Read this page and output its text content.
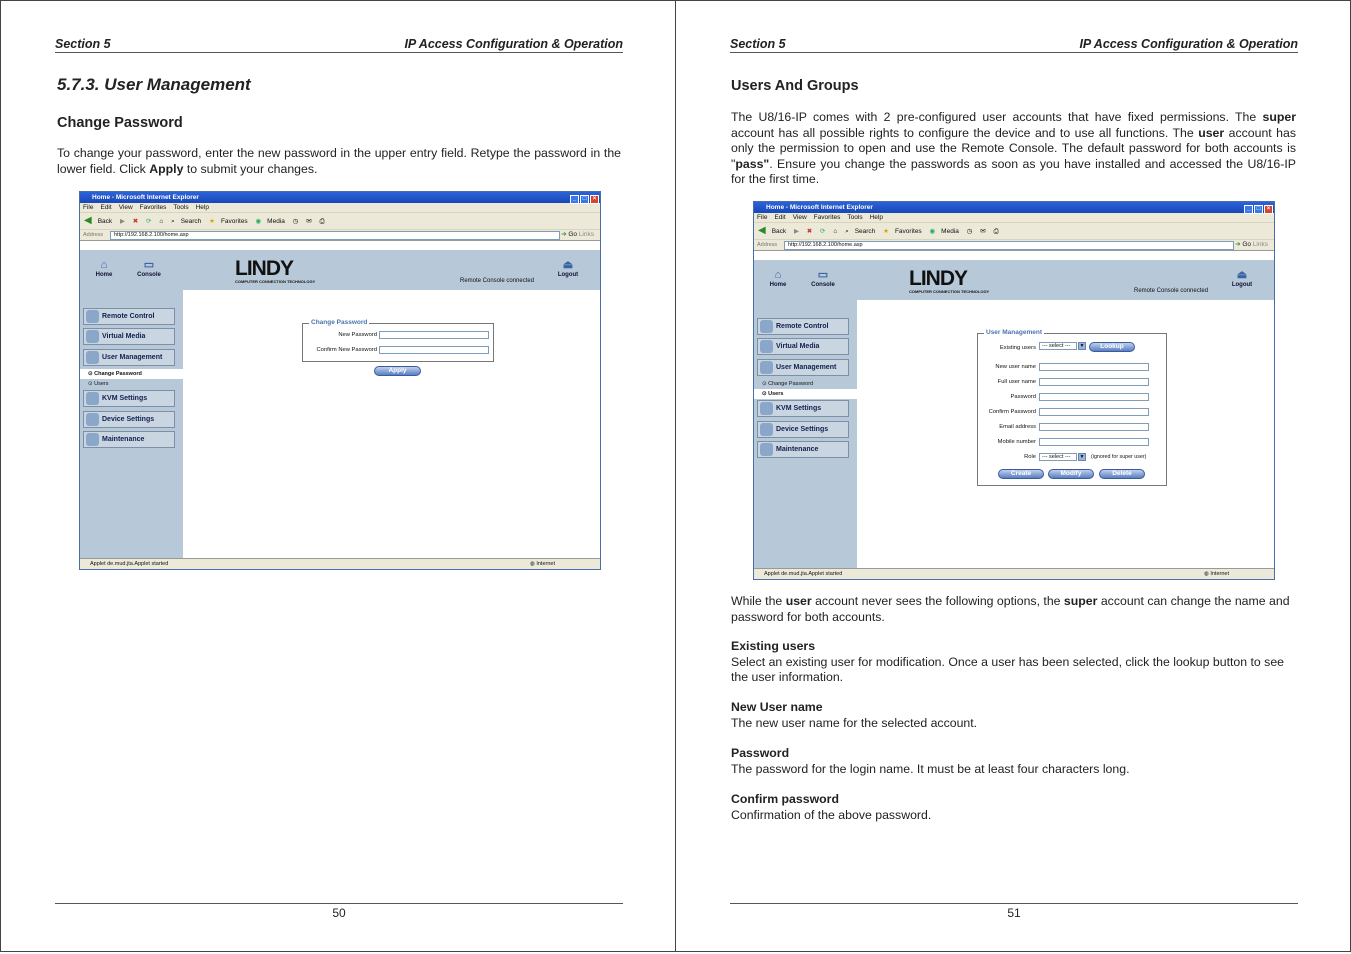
Section 5	IP Access Configuration & Operation
5.7.3. User Management
Change Password

To change your password, enter the new password in the upper entry field. Retype the password in the lower field. Click Apply to submit your changes.

Home - Microsoft Internet Explorer	_ □ ×
File Edit View Favorites Tools Help
◀ Back ▶ ✖ ⟳ ⌂ ⌕ Search ★ Favorites ◉ Media ◷ ✉ ⎙
Address	http://192.168.2.100/home.asp	➔ Go Links
⌂
Home
▭
Console	LINDY
COMPUTER CONNECTION TECHNOLOGY	Remote Console connected
⏏
Logout
Remote Control
Virtual Media
User Management
⊙ Change Password
⊙ Users
KVM Settings
Device Settings
Maintenance
Change Password
New Password
Confirm New Password
Apply
Applet de.mud.jta.Applet started	◍ Internet
50
Section 5	IP Access Configuration & Operation
Users And Groups

The U8/16-IP comes with 2 pre-configured user accounts that have fixed permissions. The super account has all possible rights to configure the device and to use all functions. The user account has only the permission to open and use the Remote Console. The default password for both accounts is "pass". Ensure you change the passwords as soon as you have installed and accessed the U8/16-IP for the first time.

Home - Microsoft Internet Explorer	_ □ ×
File Edit View Favorites Tools Help
◀ Back ▶ ✖ ⟳ ⌂ ⌕ Search ★ Favorites ◉ Media ◷ ✉ ⎙
Address	http://192.168.2.100/home.asp	➔ Go Links
⌂
Home
▭
Console	LINDY
COMPUTER CONNECTION TECHNOLOGY	Remote Console connected
⏏
Logout
Remote Control
Virtual Media
User Management
⊙ Change Password
⊙ Users
KVM Settings
Device Settings
Maintenance
User Management
Existing users	--- select ---	▼	Lookup
New user name
Full user name
Password
Confirm Password
Email address
Mobile number
Role	--- select ---	▼ (ignored for super user)
Create	Modify	Delete
Applet de.mud.jta.Applet started	◍ Internet

While the user account never sees the following options, the super account can change the name and password for both accounts.

Existing users
Select an existing user for modification. Once a user has been selected, click the lookup button to see the user information.
New User name
The new user name for the selected account.
Password
The password for the login name. It must be at least four characters long.
Confirm password
Confirmation of the above password.
51
